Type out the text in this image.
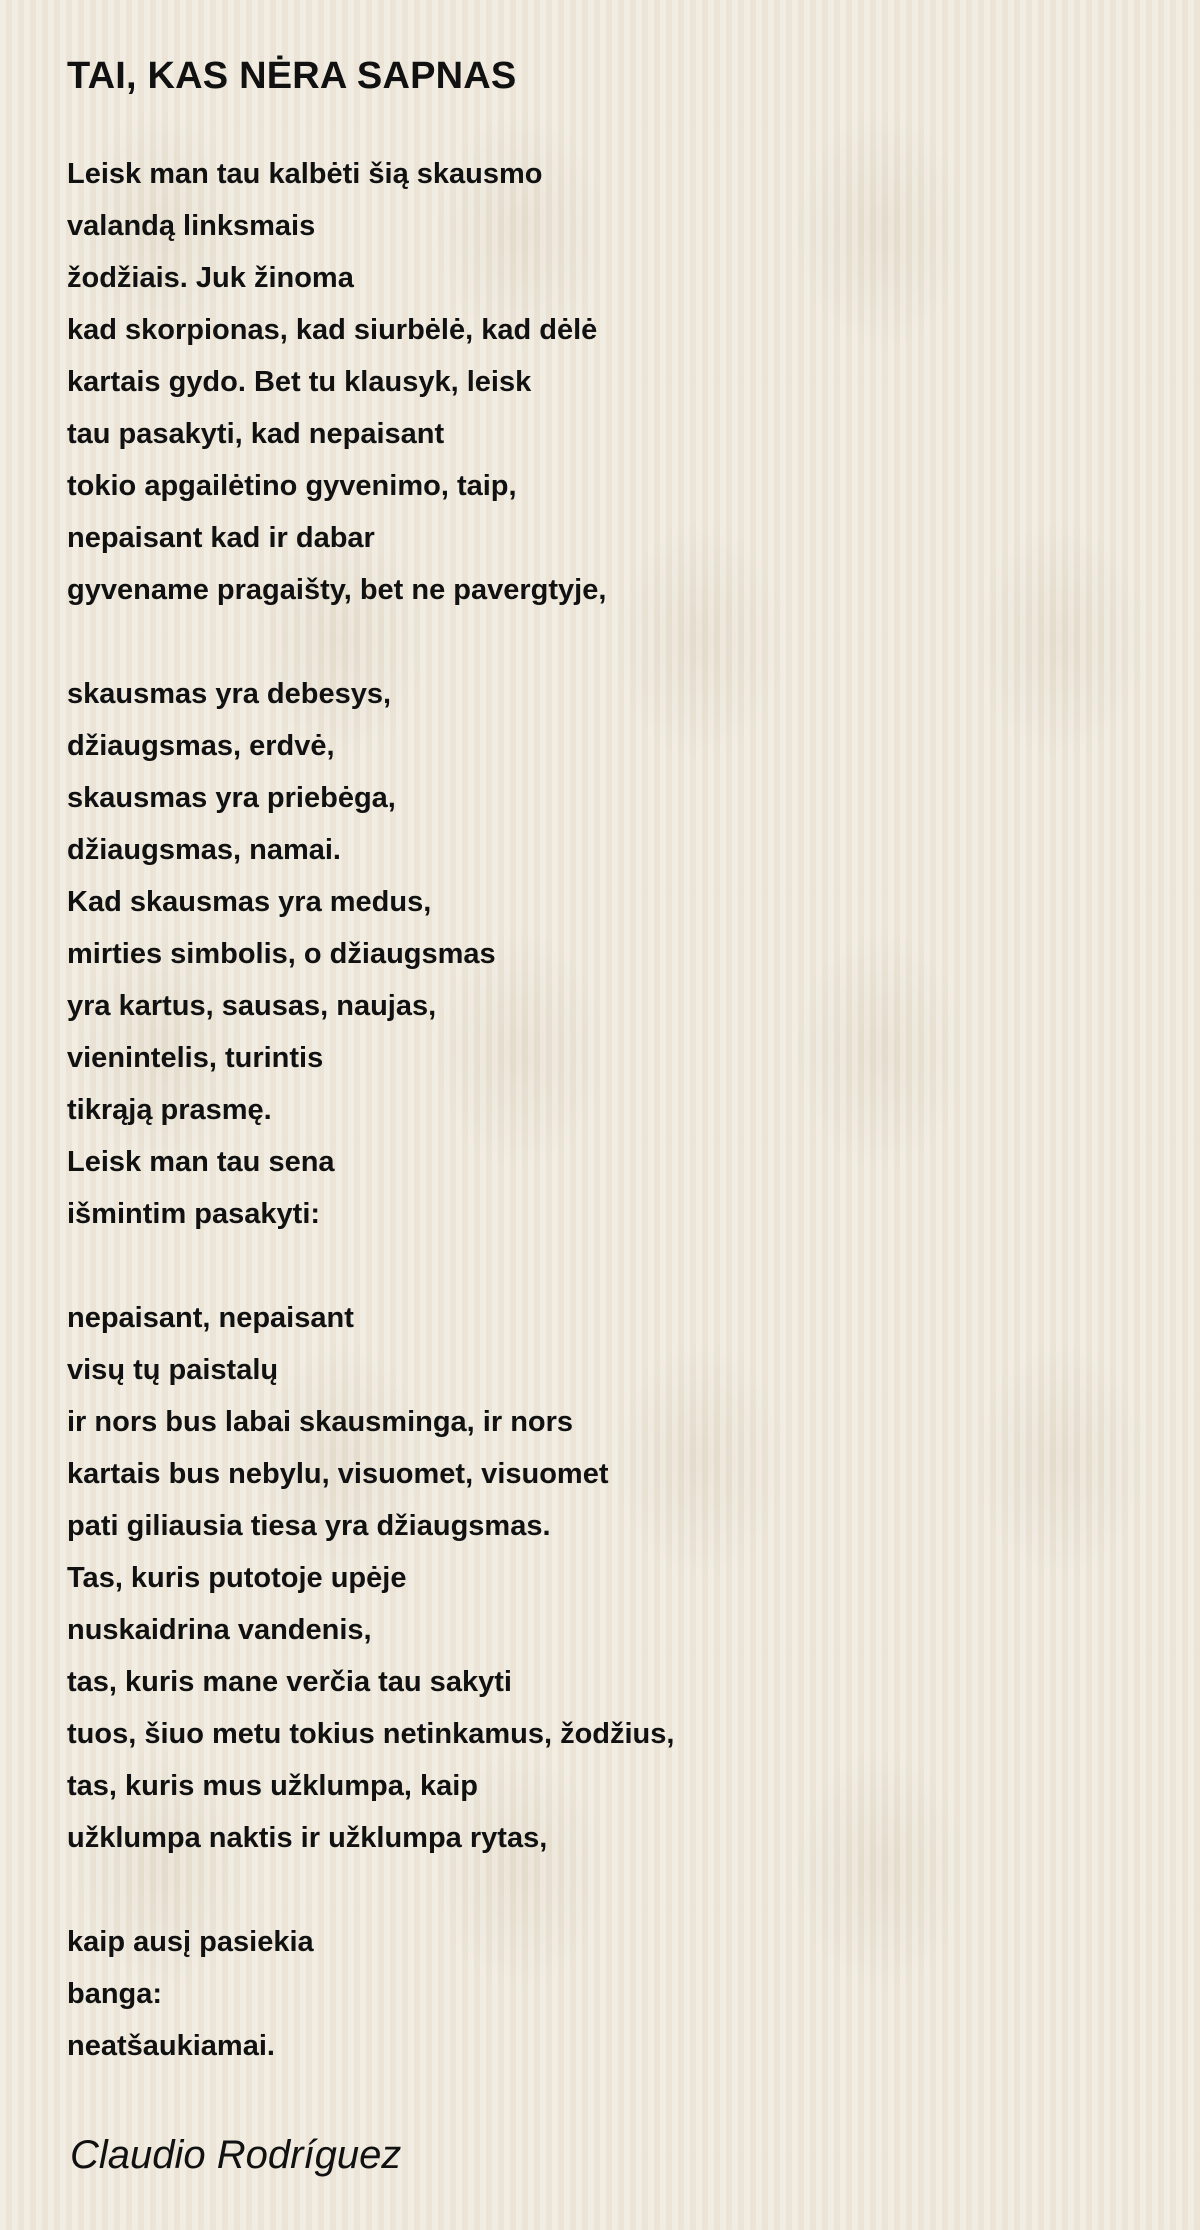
TAI, KAS NĖRA SAPNAS
Leisk man tau kalbėti šią skausmo
valandą linksmais
žodžiais. Juk žinoma
kad skorpionas, kad siurbėlė, kad dėlė
kartais gydo. Bet tu klausyk, leisk
tau pasakyti, kad nepaisant
tokio apgailėtino gyvenimo, taip,
nepaisant kad ir dabar
gyvename pragaišty, bet ne pavergtyje,
skausmas yra debesys,
džiaugsmas, erdvė,
skausmas yra priebėga,
džiaugsmas, namai.
Kad skausmas yra medus,
mirties simbolis, o džiaugsmas
yra kartus, sausas, naujas,
vienintelis, turintis
tikrąją prasmę.
Leisk man tau sena
išmintim pasakyti:
nepaisant, nepaisant
visų tų paistalų
ir nors bus labai skausminga, ir nors
kartais bus nebylu, visuomet, visuomet
pati giliausia tiesa yra džiaugsmas.
Tas, kuris putotoje upėje
nuskaidrina vandenis,
tas, kuris mane verčia tau sakyti
tuos, šiuo metu tokius netinkamus, žodžius,
tas, kuris mus užklumpa, kaip
užklumpa naktis ir užklumpa rytas,
kaip ausį pasiekia
banga:
neatšaukiamai.
Claudio Rodríguez
